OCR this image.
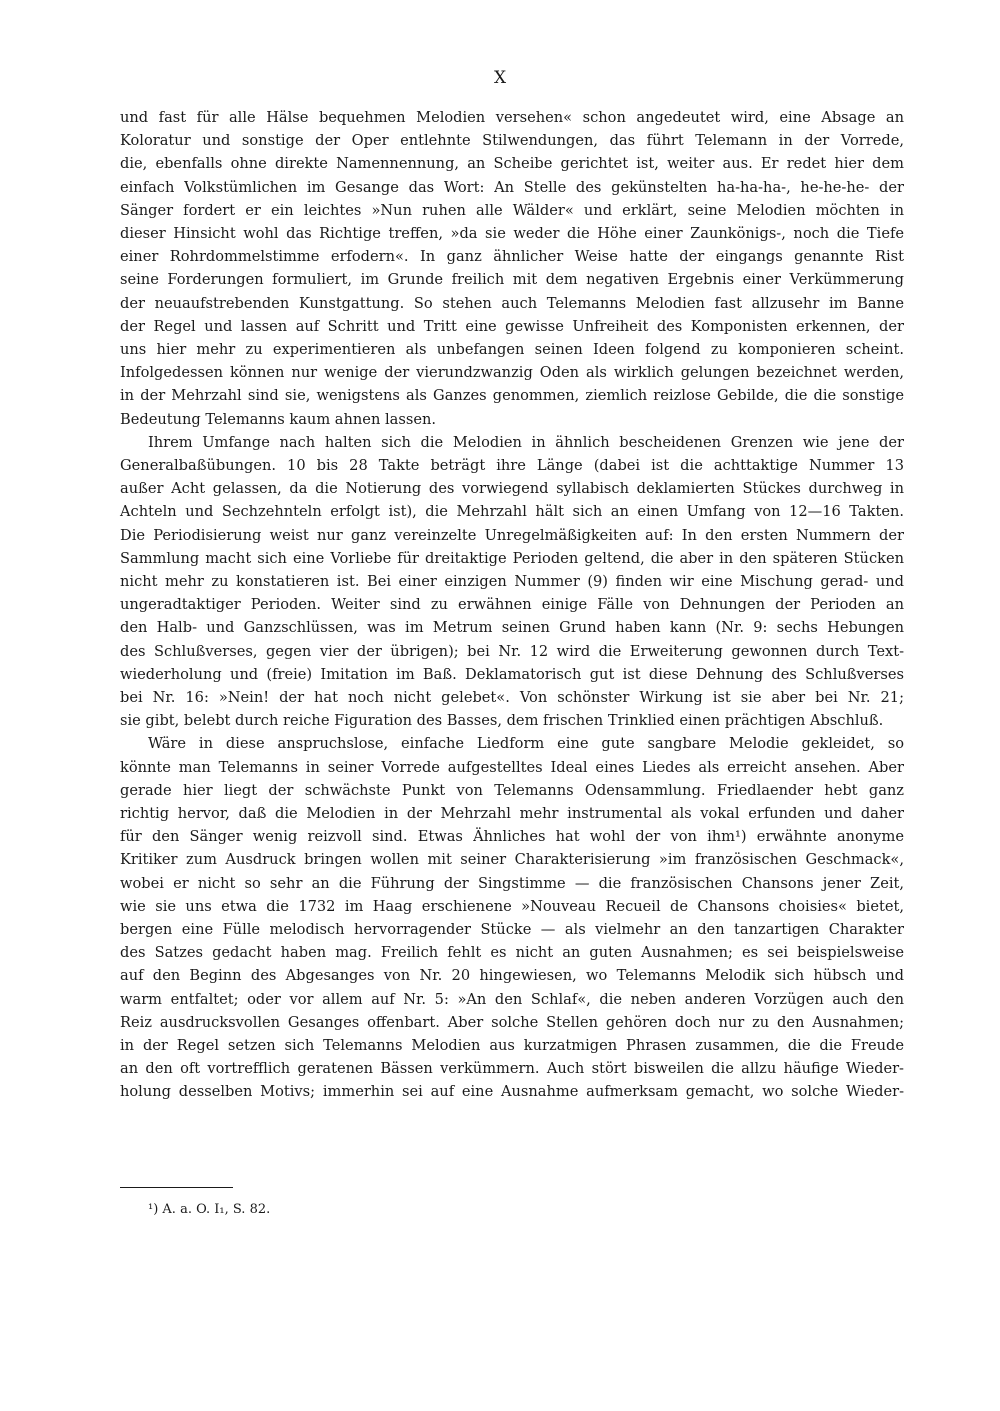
X
und fast für alle Hälse bequehmen Melodien versehen« schon angedeutet wird, eine Absage an
Koloratur und sonstige der Oper entlehnte Stilwendungen, das führt Telemann in der Vorrede,
die, ebenfalls ohne direkte Namennennung, an Scheibe gerichtet ist, weiter aus. Er redet hier dem
einfach Volkstümlichen im Gesange das Wort: An Stelle des gekünstelten ha-ha-ha-, he-he-he- der
Sänger fordert er ein leichtes »Nun ruhen alle Wälder« und erklärt, seine Melodien möchten in
dieser Hinsicht wohl das Richtige treffen, »da sie weder die Höhe einer Zaunkönigs-, noch die Tiefe
einer Rohrdommelstimme erfodern«. In ganz ähnlicher Weise hatte der eingangs genannte Rist
seine Forderungen formuliert, im Grunde freilich mit dem negativen Ergebnis einer Verkümmerung
der neuaufstrebenden Kunstgattung. So stehen auch Telemanns Melodien fast allzusehr im Banne
der Regel und lassen auf Schritt und Tritt eine gewisse Unfreiheit des Komponisten erkennen, der
uns hier mehr zu experimentieren als unbefangen seinen Ideen folgend zu komponieren scheint.
Infolgedessen können nur wenige der vierundzwanzig Oden als wirklich gelungen bezeichnet werden,
in der Mehrzahl sind sie, wenigstens als Ganzes genommen, ziemlich reizlose Gebilde, die die sonstige
Bedeutung Telemanns kaum ahnen lassen.
Ihrem Umfange nach halten sich die Melodien in ähnlich bescheidenen Grenzen wie jene der
Generalbaßübungen. 10 bis 28 Takte beträgt ihre Länge (dabei ist die achttaktige Nummer 13
außer Acht gelassen, da die Notierung des vorwiegend syllabisch deklamierten Stückes durchweg in
Achteln und Sechzehnteln erfolgt ist), die Mehrzahl hält sich an einen Umfang von 12—16 Takten.
Die Periodisierung weist nur ganz vereinzelte Unregelmäßigkeiten auf: In den ersten Nummern der
Sammlung macht sich eine Vorliebe für dreitaktige Perioden geltend, die aber in den späteren Stücken
nicht mehr zu konstatieren ist. Bei einer einzigen Nummer (9) finden wir eine Mischung gerad- und
ungeradtaktiger Perioden. Weiter sind zu erwähnen einige Fälle von Dehnungen der Perioden an
den Halb- und Ganzschlüssen, was im Metrum seinen Grund haben kann (Nr. 9: sechs Hebungen
des Schlußverses, gegen vier der übrigen); bei Nr. 12 wird die Erweiterung gewonnen durch Text-
wiederholung und (freie) Imitation im Baß. Deklamatorisch gut ist diese Dehnung des Schlußverses
bei Nr. 16: »Nein! der hat noch nicht gelebet«. Von schönster Wirkung ist sie aber bei Nr. 21;
sie gibt, belebt durch reiche Figuration des Basses, dem frischen Trinklied einen prächtigen Abschluß.
Wäre in diese anspruchslose, einfache Liedform eine gute sangbare Melodie gekleidet, so
könnte man Telemanns in seiner Vorrede aufgestelltes Ideal eines Liedes als erreicht ansehen. Aber
gerade hier liegt der schwächste Punkt von Telemanns Odensammlung. Friedlaender hebt ganz
richtig hervor, daß die Melodien in der Mehrzahl mehr instrumental als vokal erfunden und daher
für den Sänger wenig reizvoll sind. Etwas Ähnliches hat wohl der von ihm¹) erwähnte anonyme
Kritiker zum Ausdruck bringen wollen mit seiner Charakterisierung »im französischen Geschmack«,
wobei er nicht so sehr an die Führung der Singstimme — die französischen Chansons jener Zeit,
wie sie uns etwa die 1732 im Haag erschienene »Nouveau Recueil de Chansons choisies« bietet,
bergen eine Fülle melodisch hervorragender Stücke — als vielmehr an den tanzartigen Charakter
des Satzes gedacht haben mag. Freilich fehlt es nicht an guten Ausnahmen; es sei beispielsweise
auf den Beginn des Abgesanges von Nr. 20 hingewiesen, wo Telemanns Melodik sich hübsch und
warm entfaltet; oder vor allem auf Nr. 5: »An den Schlaf«, die neben anderen Vorzügen auch den
Reiz ausdrucksvollen Gesanges offenbart. Aber solche Stellen gehören doch nur zu den Ausnahmen;
in der Regel setzen sich Telemanns Melodien aus kurzatmigen Phrasen zusammen, die die Freude
an den oft vortrefflich geratenen Bässen verkümmern. Auch stört bisweilen die allzu häufige Wieder-
holung desselben Motivs; immerhin sei auf eine Ausnahme aufmerksam gemacht, wo solche Wieder-
¹) A. a. O. I₁, S. 82.
